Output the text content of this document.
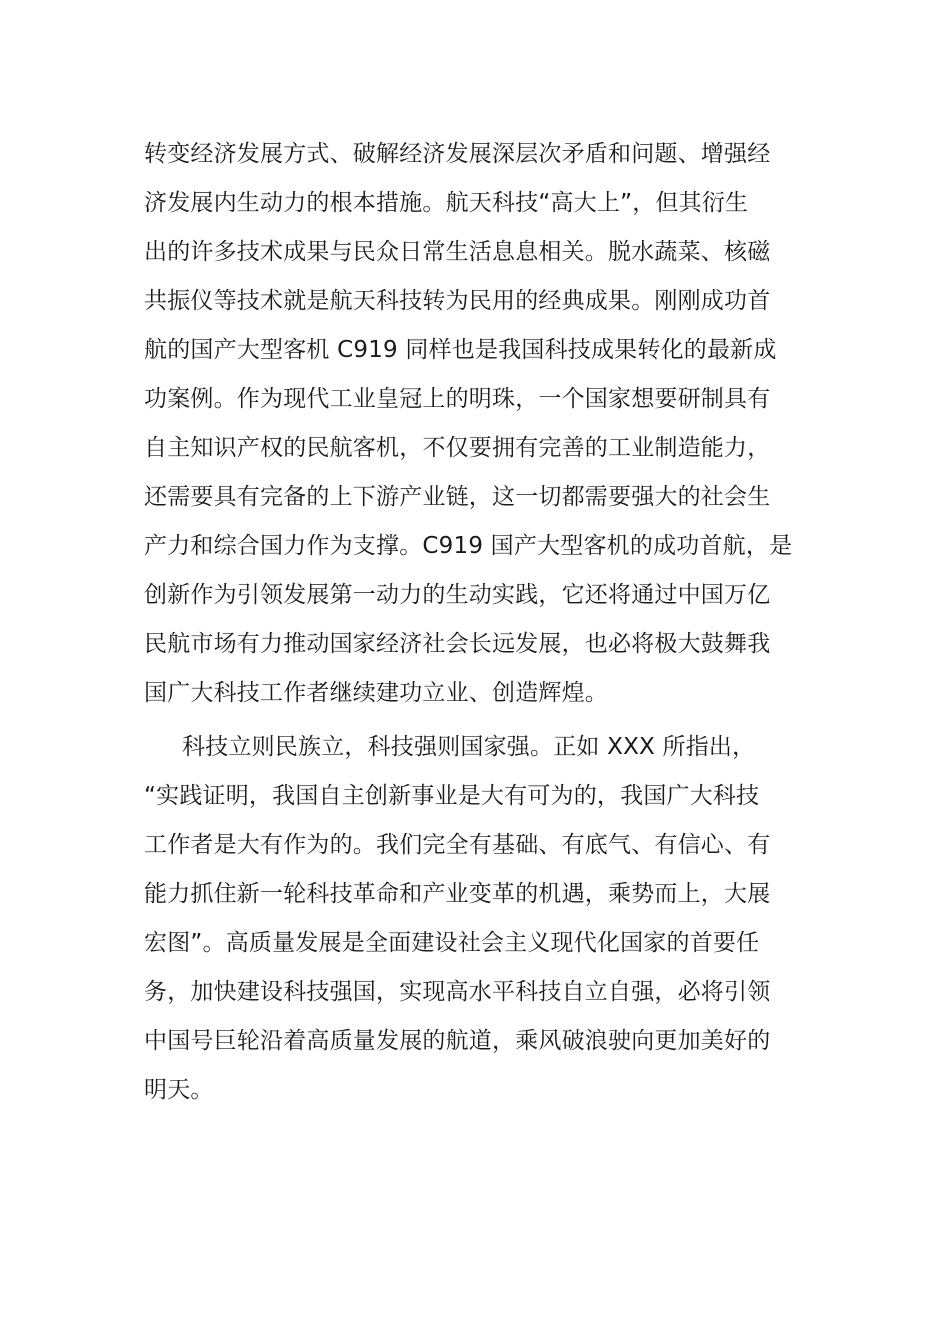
转变经济发展方式、破解经济发展深层次矛盾和问题、增强经
济发展内生动力的根本措施。航天科技“高大上”，但其衍生
出的许多技术成果与民众日常生活息息相关。脱水蔬菜、核磁
共振仪等技术就是航天科技转为民用的经典成果。刚刚成功首
航的国产大型客机 C919 同样也是我国科技成果转化的最新成
功案例。作为现代工业皇冠上的明珠，一个国家想要研制具有
自主知识产权的民航客机，不仅要拥有完善的工业制造能力，
还需要具有完备的上下游产业链，这一切都需要强大的社会生
产力和综合国力作为支撑。C919 国产大型客机的成功首航，是
创新作为引领发展第一动力的生动实践，它还将通过中国万亿
民航市场有力推动国家经济社会长远发展，也必将极大鼓舞我
国广大科技工作者继续建功立业、创造辉煌。
科技立则民族立，科技强则国家强。正如 XXX 所指出，
“实践证明，我国自主创新事业是大有可为的，我国广大科技
工作者是大有作为的。我们完全有基础、有底气、有信心、有
能力抓住新一轮科技革命和产业变革的机遇，乘势而上，大展
宏图”。高质量发展是全面建设社会主义现代化国家的首要任
务，加快建设科技强国，实现高水平科技自立自强，必将引领
中国号巨轮沿着高质量发展的航道，乘风破浪驶向更加美好的
明天。
